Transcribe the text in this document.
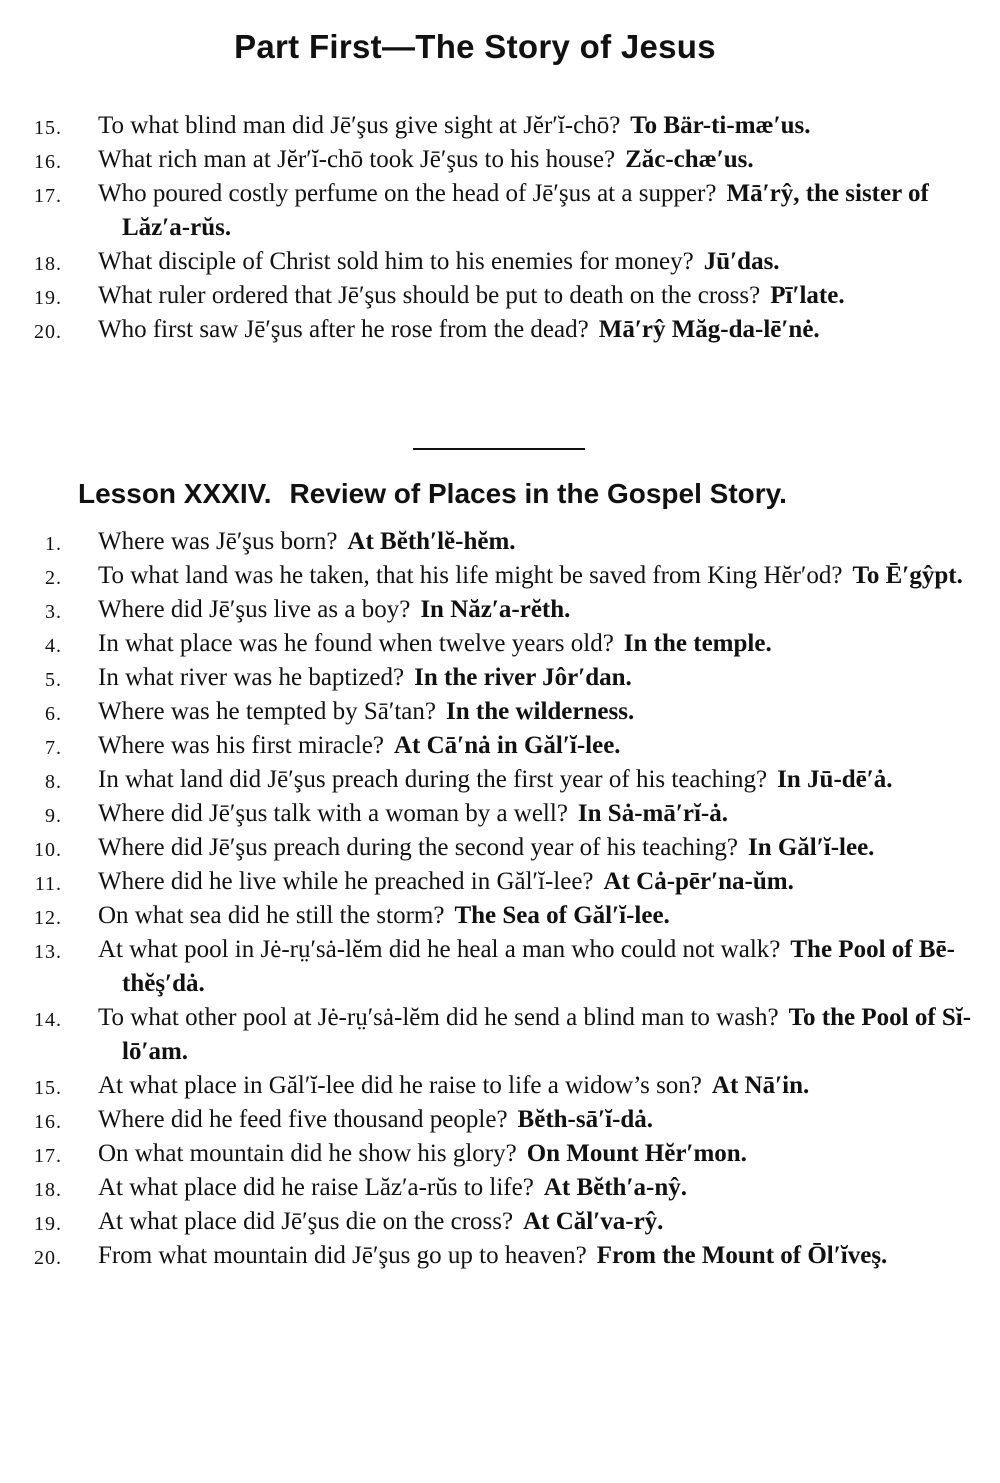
Part First—The Story of Jesus
15. To what blind man did Jē′şus give sight at Jĕr′ĭ-chō? To Bär-ti-mæ′us.
16. What rich man at Jĕr′ĭ-chō took Jē′şus to his house? Zăc-chæ′us.
17. Who poured costly perfume on the head of Jē′şus at a supper? Mā′rŷ, the sister of Lăz′a-rŭs.
18. What disciple of Christ sold him to his enemies for money? Jū′das.
19. What ruler ordered that Jē′şus should be put to death on the cross? Pī′late.
20. Who first saw Jē′şus after he rose from the dead? Mā′rŷ Măg-da-lē′nė.
Lesson XXXIV. Review of Places in the Gospel Story.
1. Where was Jē′şus born? At Bĕth′lĕ-hĕm.
2. To what land was he taken, that his life might be saved from King Hĕr′od? To Ē′gŷpt.
3. Where did Jē′şus live as a boy? In Năz′a-rĕth.
4. In what place was he found when twelve years old? In the temple.
5. In what river was he baptized? In the river Jôr′dan.
6. Where was he tempted by Sā′tan? In the wilderness.
7. Where was his first miracle? At Cā′nȧ in Găl′ĭ-lee.
8. In what land did Jē′şus preach during the first year of his teaching? In Jū-dē′ȧ.
9. Where did Jē′şus talk with a woman by a well? In Sȧ-mā′rĭ-ȧ.
10. Where did Jē′şus preach during the second year of his teaching? In Găl′ĭ-lee.
11. Where did he live while he preached in Găl′ĭ-lee? At Cȧ-pēr′na-ŭm.
12. On what sea did he still the storm? The Sea of Găl′ĭ-lee.
13. At what pool in Jė-rṳ′sȧ-lĕm did he heal a man who could not walk? The Pool of Bē-thĕş′dȧ.
14. To what other pool at Jė-rṳ′sȧ-lĕm did he send a blind man to wash? To the Pool of Sĭ-lō′am.
15. At what place in Găl′ĭ-lee did he raise to life a widow’s son? At Nā′in.
16. Where did he feed five thousand people? Bĕth-sā′ĭ-dȧ.
17. On what mountain did he show his glory? On Mount Hĕr′mon.
18. At what place did he raise Lăz′a-rŭs to life? At Bĕth′a-nŷ.
19. At what place did Jē′şus die on the cross? At Căl′va-rŷ.
20. From what mountain did Jē′şus go up to heaven? From the Mount of Ōl′ĭveş.
